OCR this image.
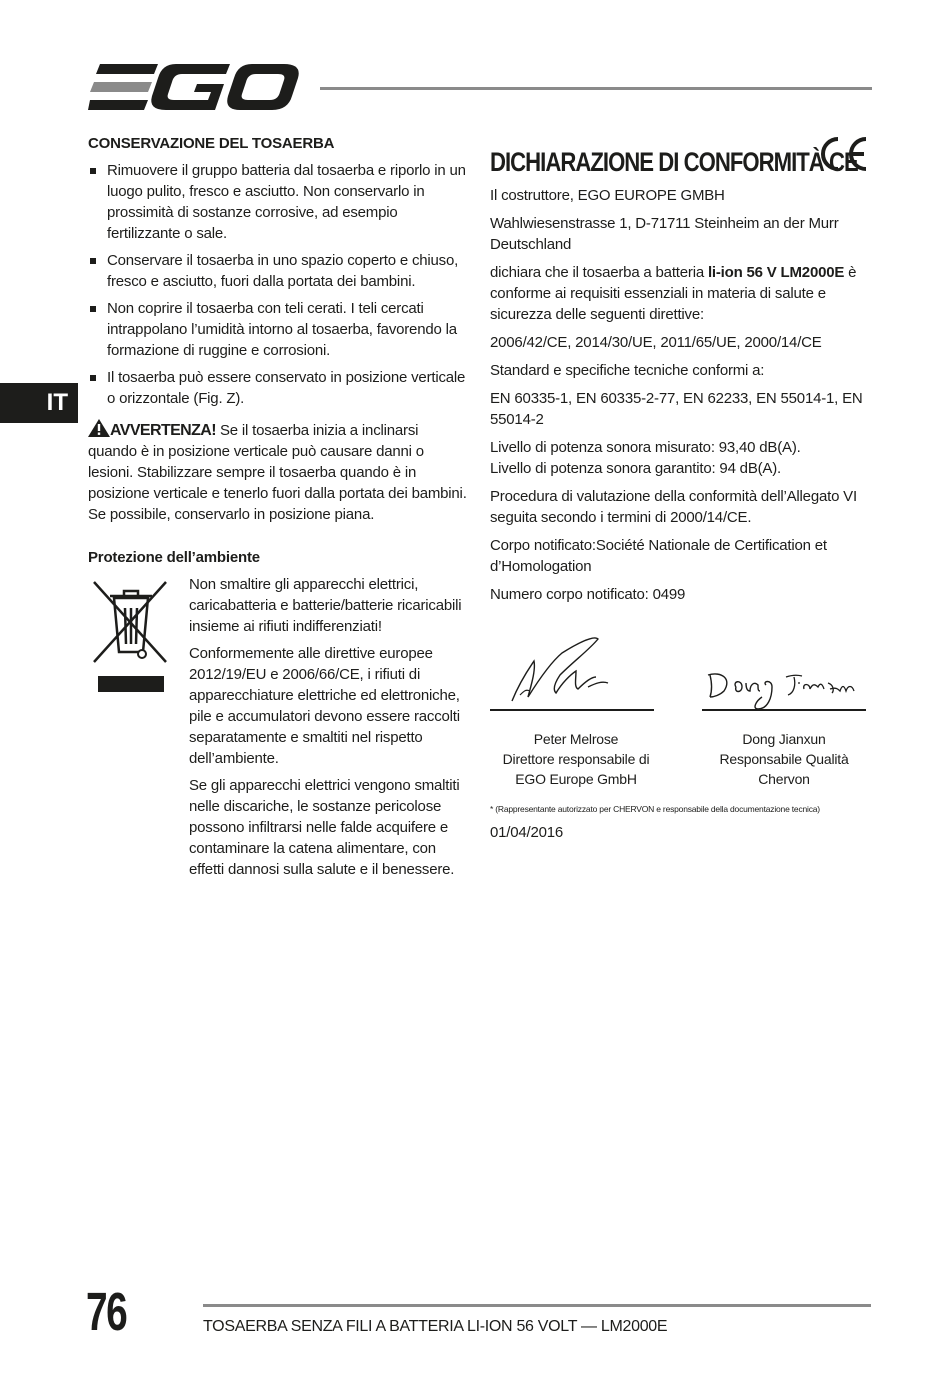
IT
CONSERVAZIONE DEL TOSAERBA
Rimuovere il gruppo batteria dal tosaerba e riporlo in un luogo pulito, fresco e asciutto. Non conservarlo in prossimità di sostanze corrosive, ad esempio fertilizzante o sale.
Conservare il tosaerba in uno spazio coperto e chiuso, fresco e asciutto, fuori dalla portata dei bambini.
Non coprire il tosaerba con teli cerati. I teli cercati intrappolano l’umidità intorno al tosaerba, favorendo la formazione di ruggine e corrosioni.
Il tosaerba può essere conservato in posizione verticale o orizzontale (Fig. Z).

AVVERTENZA! Se il tosaerba inizia a inclinarsi quando è in posizione verticale può causare danni o lesioni. Stabilizzare sempre il tosaerba quando è in posizione verticale e tenerlo fuori dalla portata dei bambini. Se possibile, conservarlo in posizione piana.

Protezione dell’ambiente

Non smaltire gli apparecchi elettrici, caricabatteria e batterie/batterie ricaricabili insieme ai rifiuti indifferenziati!

Conformemente alle direttive europee 2012/19/EU e 2006/66/CE, i rifiuti di apparecchiature elettriche ed elettroniche, pile e accumulatori devono essere raccolti separatamente e smaltiti nel rispetto dell’ambiente.

Se gli apparecchi elettrici vengono smaltiti nelle discariche, le sostanze pericolose possono infiltrarsi nelle falde acquifere e contaminare la catena alimentare, con effetti dannosi sulla salute e il benessere.

DICHIARAZIONE DI CONFORMITÀ CE

Il costruttore, EGO EUROPE GMBH

Wahlwiesenstrasse 1, D-71711 Steinheim an der Murr Deutschland

dichiara che il tosaerba a batteria li-ion 56 V LM2000E è conforme ai requisiti essenziali in materia di salute e sicurezza delle seguenti direttive:

2006/42/CE, 2014/30/UE, 2011/65/UE, 2000/14/CE

Standard e specifiche tecniche conformi a:

EN 60335-1, EN 60335-2-77, EN 62233, EN 55014-1, EN 55014-2

Livello di potenza sonora misurato: 93,40 dB(A).
Livello di potenza sonora garantito: 94 dB(A).

Procedura di valutazione della conformità dell’Allegato VI seguita secondo i termini di 2000/14/CE.

Corpo notificato:Société Nationale de Certification et d’Homologation

Numero corpo notificato: 0499

Peter Melrose
Direttore responsabile di
EGO Europe GmbH
Dong Jianxun
Responsabile Qualità Chervon

* (Rappresentante autorizzato per CHERVON e responsabile della documentazione tecnica)

01/04/2016

76	TOSAERBA SENZA FILI A BATTERIA LI-ION 56 VOLT — LM2000E
